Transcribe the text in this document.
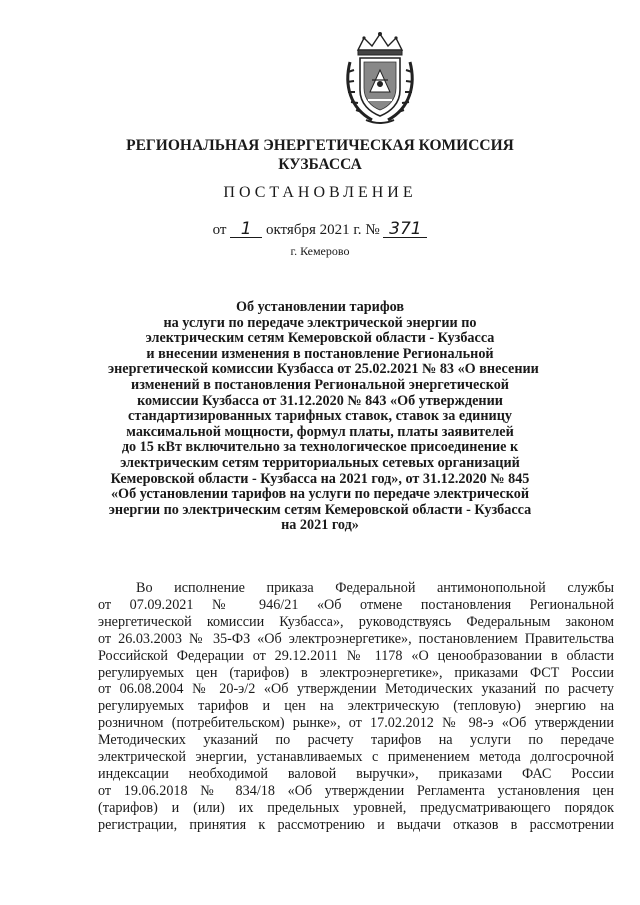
РЕГИОНАЛЬНАЯ ЭНЕРГЕТИЧЕСКАЯ КОМИССИЯ
КУЗБАССА
ПОСТАНОВЛЕНИЕ
от 1 октября 2021 г. № 371
г. Кемерово
Об установлении тарифов
на услуги по передаче электрической энергии по
электрическим сетям Кемеровской области - Кузбасса
и внесении изменения в постановление Региональной
энергетической комиссии Кузбасса от 25.02.2021 № 83 «О внесении
изменений в постановления Региональной энергетической
комиссии Кузбасса от 31.12.2020 № 843 «Об утверждении
стандартизированных тарифных ставок, ставок за единицу
максимальной мощности, формул платы, платы заявителей
до 15 кВт включительно за технологическое присоединение к
электрическим сетям территориальных сетевых организаций
Кемеровской области - Кузбасса на 2021 год», от 31.12.2020 № 845
«Об установлении тарифов на услуги по передаче электрической
энергии по электрическим сетям Кемеровской области - Кузбасса
на 2021 год»
Во исполнение приказа Федеральной антимонопольной службы
от 07.09.2021 № 946/21 «Об отмене постановления Региональной
энергетической комиссии Кузбасса», руководствуясь Федеральным законом
от 26.03.2003 № 35-ФЗ «Об электроэнергетике», постановлением Правительства
Российской Федерации от 29.12.2011 № 1178 «О ценообразовании в области
регулируемых цен (тарифов) в электроэнергетике», приказами ФСТ России
от 06.08.2004 № 20-э/2 «Об утверждении Методических указаний по расчету
регулируемых тарифов и цен на электрическую (тепловую) энергию на
розничном (потребительском) рынке», от 17.02.2012 № 98-э «Об утверждении
Методических указаний по расчету тарифов на услуги по передаче
электрической энергии, устанавливаемых с применением метода долгосрочной
индексации необходимой валовой выручки», приказами ФАС России
от 19.06.2018 № 834/18 «Об утверждении Регламента установления цен
(тарифов) и (или) их предельных уровней, предусматривающего порядок
регистрации, принятия к рассмотрению и выдачи отказов в рассмотрении
